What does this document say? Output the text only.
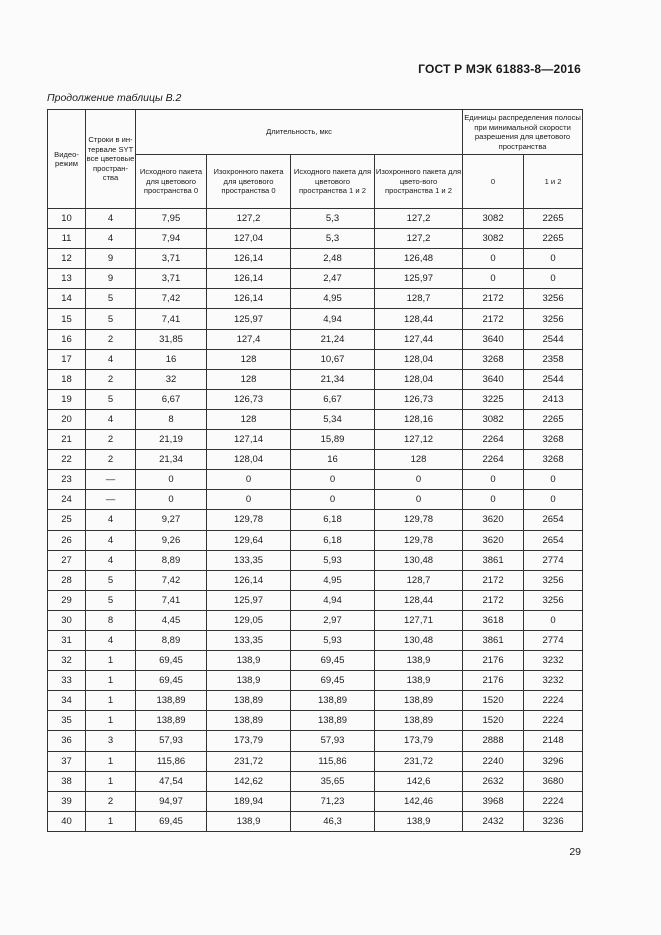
ГОСТ Р МЭК 61883-8—2016
Продолжение таблицы В.2
Видео-режим	Строки в ин-тервале SYT все цветовые простран-ства	Длительность, мкс				Единицы распределения полосы при минимальной скорости разрешения для цветового пространства	
		Исходного пакета для цветового пространства 0	Изохронного пакета для цветового пространства 0	Исходного пакета для цветового пространства 1 и 2	Изохронного пакета для цвето-вого пространства 1 и 2	0	1 и 2
10	4	7,95	127,2	5,3	127,2	3082	2265
11	4	7,94	127,04	5,3	127,2	3082	2265
12	9	3,71	126,14	2,48	126,48	0	0
13	9	3,71	126,14	2,47	125,97	0	0
14	5	7,42	126,14	4,95	128,7	2172	3256
15	5	7,41	125,97	4,94	128,44	2172	3256
16	2	31,85	127,4	21,24	127,44	3640	2544
17	4	16	128	10,67	128,04	3268	2358
18	2	32	128	21,34	128,04	3640	2544
19	5	6,67	126,73	6,67	126,73	3225	2413
20	4	8	128	5,34	128,16	3082	2265
21	2	21,19	127,14	15,89	127,12	2264	3268
22	2	21,34	128,04	16	128	2264	3268
23	—	0	0	0	0	0	0
24	—	0	0	0	0	0	0
25	4	9,27	129,78	6,18	129,78	3620	2654
26	4	9,26	129,64	6,18	129,78	3620	2654
27	4	8,89	133,35	5,93	130,48	3861	2774
28	5	7,42	126,14	4,95	128,7	2172	3256
29	5	7,41	125,97	4,94	128,44	2172	3256
30	8	4,45	129,05	2,97	127,71	3618	0
31	4	8,89	133,35	5,93	130,48	3861	2774
32	1	69,45	138,9	69,45	138,9	2176	3232
33	1	69,45	138,9	69,45	138,9	2176	3232
34	1	138,89	138,89	138,89	138,89	1520	2224
35	1	138,89	138,89	138,89	138,89	1520	2224
36	3	57,93	173,79	57,93	173,79	2888	2148
37	1	115,86	231,72	115,86	231,72	2240	3296
38	1	47,54	142,62	35,65	142,6	2632	3680
39	2	94,97	189,94	71,23	142,46	3968	2224
40	1	69,45	138,9	46,3	138,9	2432	3236
29
